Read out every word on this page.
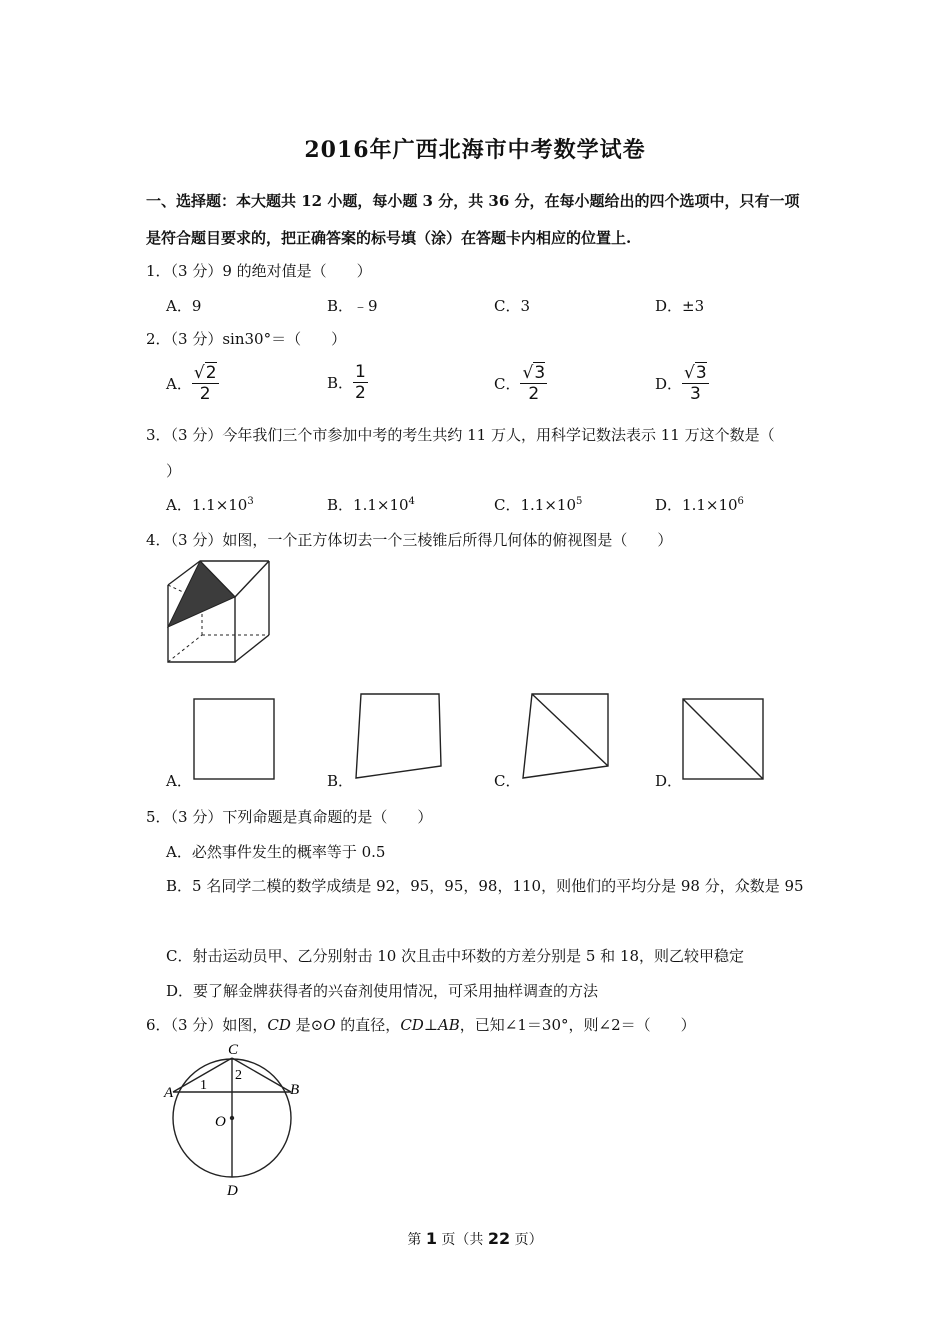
2016年广西北海市中考数学试卷
一、选择题：本大题共 12 小题，每小题 3 分，共 36 分，在每小题给出的四个选项中，只有一项
是符合题目要求的，把正确答案的标号填（涂）在答题卡内相应的位置上.
1．（3 分）9 的绝对值是（　　）
A．9	B．﹣9	C．3	D．±3
2．（3 分）sin30°＝（　　）
A． $\frac{√2}{2}$	B． $\frac{1}{2}$	C． $\frac{√3}{2}$	D． $\frac{√3}{3}$
3．（3 分）今年我们三个市参加中考的考生共约 11 万人，用科学记数法表示 11 万这个数是（
）
A．$1.1\times 10^3$	B．$1.1\times 10^4$	C．$1.1\times 10^5$	D．$1.1\times 10^6$
4．（3 分）如图，一个正方体切去一个三棱锥后所得几何体的俯视图是（　　）
A．	B．	C．	D．
5．（3 分）下列命题是真命题的是（　　）
A．必然事件发生的概率等于 0.5
B．5 名同学二模的数学成绩是 92，95，95，98，110，则他们的平均分是 98 分，众数是 95
C．射击运动员甲、乙分别射击 10 次且击中环数的方差分别是 5 和 18，则乙较甲稳定
D．要了解金牌获得者的兴奋剂使用情况，可采用抽样调查的方法
6．（3 分）如图，CD 是⊙O 的直径，CD⊥AB，已知∠1＝30°，则∠2＝（　　）
C
A	B
O
D
1
2
第 1 页（共 22 页）
